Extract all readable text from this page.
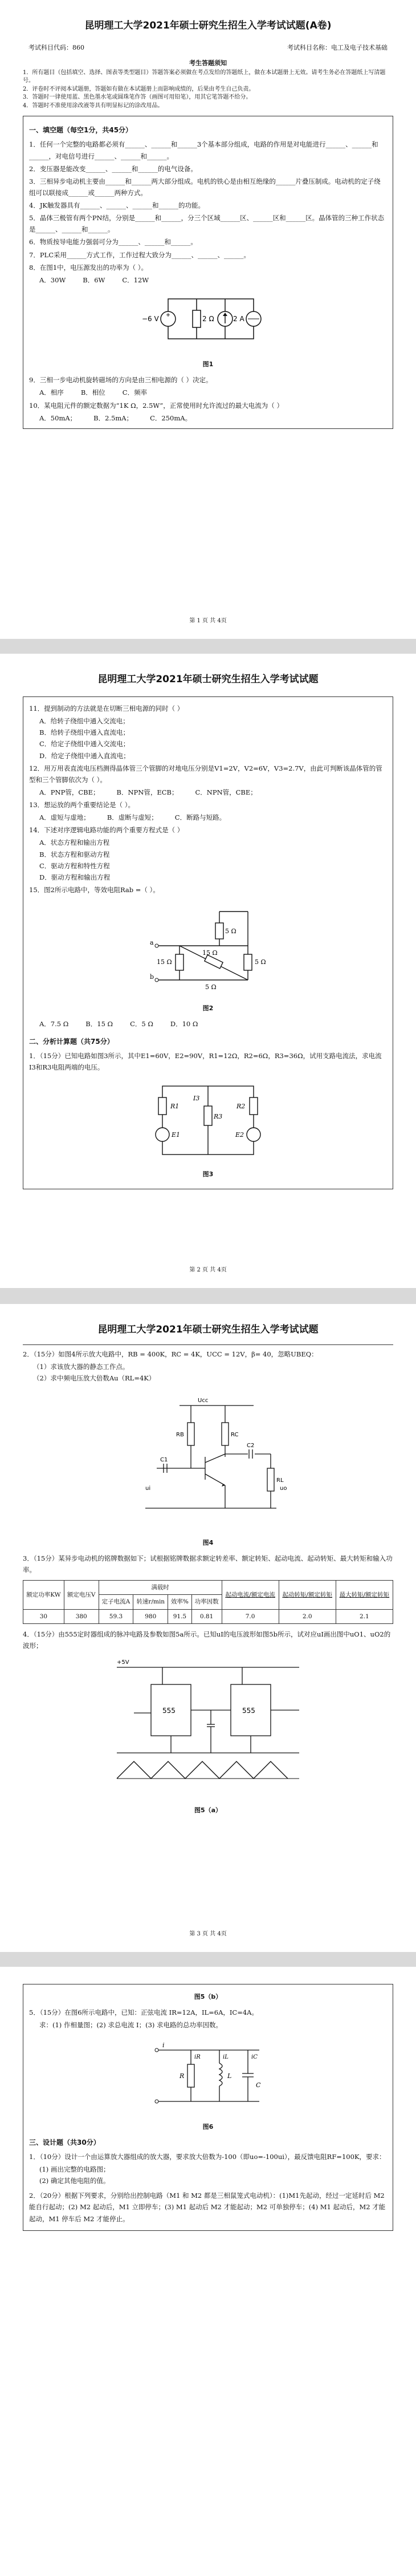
昆明理工大学2021年硕士研究生招生入学考试试题(A卷)
考试科目代码：860	考试科目名称：电工及电子技术基础
考生答题须知
1．所有题目（包括填空、选择、图表等类型题目）答题答案必须做在考点发给的答题纸上，做在本试题册上无效。请考生务必在答题纸上写清题号。
2．评卷时不评阅本试题册，答题如有做在本试题册上而影响成绩的，后果由考生自己负责。
3．答题时一律使用蓝、黑色墨水笔或圆珠笔作答（画图可用铅笔），用其它笔答题不给分。
4．答题时不准使用涂改液等具有明显标记的涂改用品。
一、填空题（每空1分，共45分）
1．任何一个完整的电路都必须有______、______和______3个基本部分组成，电路的作用是对电能进行______、______和______，对电信号进行______、______和______。
2．变压器是能改变______、______和______的电气设备。
3．三相异步电动机主要由______和______两大部分组成。电机的铁心是由相互绝缘的______片叠压制成。电动机的定子绕组可以联接成______或______两种方式。
4．JK触发器具有______、______、______和______的功能。
5．晶体三极管有两个PN结，分别是______和______，分三个区域______区、______区和______区。晶体管的三种工作状态是______、______和______。
6．物质按导电能力强弱可分为______、______和______。
7．PLC采用______方式工作，工作过程大致分为______、______、______。
8．在图1中，电压源发出的功率为（ ）。
A．30W	B．6W	C．12W
−6 V	2 Ω	2 A
图1
9．三相一步电动机旋转磁场的方向是由三相电源的（ ）决定。
A．相序	B．相位	C．频率
10．某电阻元件的额定数据为“1K Ω，2.5W”，正常使用时允许流过的最大电流为（ ）
A．50mA；	B．2.5mA；	C．250mA。
第 1 页 共 4页
昆明理工大学2021年硕士研究生招生入学考试试题
11．提到制动的方法就是在切断三相电源的同时（ ）
A．给转子绕组中通入交流电；
B．给转子绕组中通入直流电；
C．给定子绕组中通入交流电；
D．给定子绕组中通入直流电；
12．用万用表直流电压档测得晶体管三个管脚的对地电压分别是V1=2V，V2=6V，V3=2.7V，由此可判断该晶体管的管型和三个管脚依次为（ ）。
A．PNP管，CBE；	B．NPN管，ECB；	C．NPN管，CBE；
13．想运放的两个重要结论是（ ）。
A．虚短与虚地；	B．虚断与虚短；	C．断路与短路。
14．下述对序逻辑电路功能的两个重要方程式是（ ）
A．状态方程和输出方程
B．状态方程和驱动方程
C．驱动方程和特性方程
D．驱动方程和输出方程
15．图2所示电路中，等效电阻Rab =（ ）。
5 Ω
15 Ω
15 Ω
5 Ω
5 Ω
a
b
图2
A．7.5 Ω	B．15 Ω	C．5 Ω	D．10 Ω
二、分析计算题（共75分）
1．（15分）已知电路如图3所示，其中E1=60V，E2=90V，R1=12Ω，R2=6Ω，R3=36Ω，试用支路电流法，求电流I3和R3电阻两端的电压。
R1	R2
R3
E1	E2
I3
图3
第 2 页 共 4页
昆明理工大学2021年硕士研究生招生入学考试试题
2．（15分）如图4所示放大电路中，RB = 400K，RC = 4K，UCC = 12V，β= 40，忽略UBEQ：
（1）求该放大器的静态工作点。
（2）求中频电压放大倍数Au（RL=4K）
Ucc
RB	RC
C1
C2
RL
ui	uo
图4
3．（15分）某异步电动机的铭牌数据如下；试根据铭牌数据求额定转差率、额定转矩、起动电流、起动转矩、最大转矩和输入功率。
额定功率KW	额定电压V	满载时				起动电流/额定电流	起动转矩/额定转矩	最大转矩/额定转矩
		定子电流A	转速r/min	效率%	功率因数			
30	380	59.3	980	91.5	0.81	7.0	2.0	2.1
4．（15分）由555定时器组成的脉冲电路及参数如图5a所示。已知uI的电压波形如图5b所示，试对应uI画出图中uO1、uO2的波形；
+5V
555	555
图5（a）
第 3 页 共 4页
图5（b）
5．（15分）在图6所示电路中，已知：正弦电流 IR=12A，IL=6A，IC=4A。
求：(1) 作相量图；(2) 求总电流 I；(3) 求电路的总功率因数。
i
iR	iL	iC
R	L
C
图6
三、设计题（共30分）
1．（10分）设计一个由运算放大器组成的放大器，要求放大倍数为-100（即uo=-100ui），最反馈电阻RF=100K，要求：
(1) 画出完整的电路图；
(2) 确定其他电阻的值。
2．（20分）根据下列要求，分别给出控制电路（M1 和 M2 都是三相鼠笼式电动机）：(1)M1先起动，经过一定延时后 M2 能自行起动；(2) M2 起动后，M1 立即停车；(3) M1 起动后 M2 才能起动；M2 可单独停车；(4) M1 起动后，M2 才能起动，M1 停车后 M2 才能停止。
